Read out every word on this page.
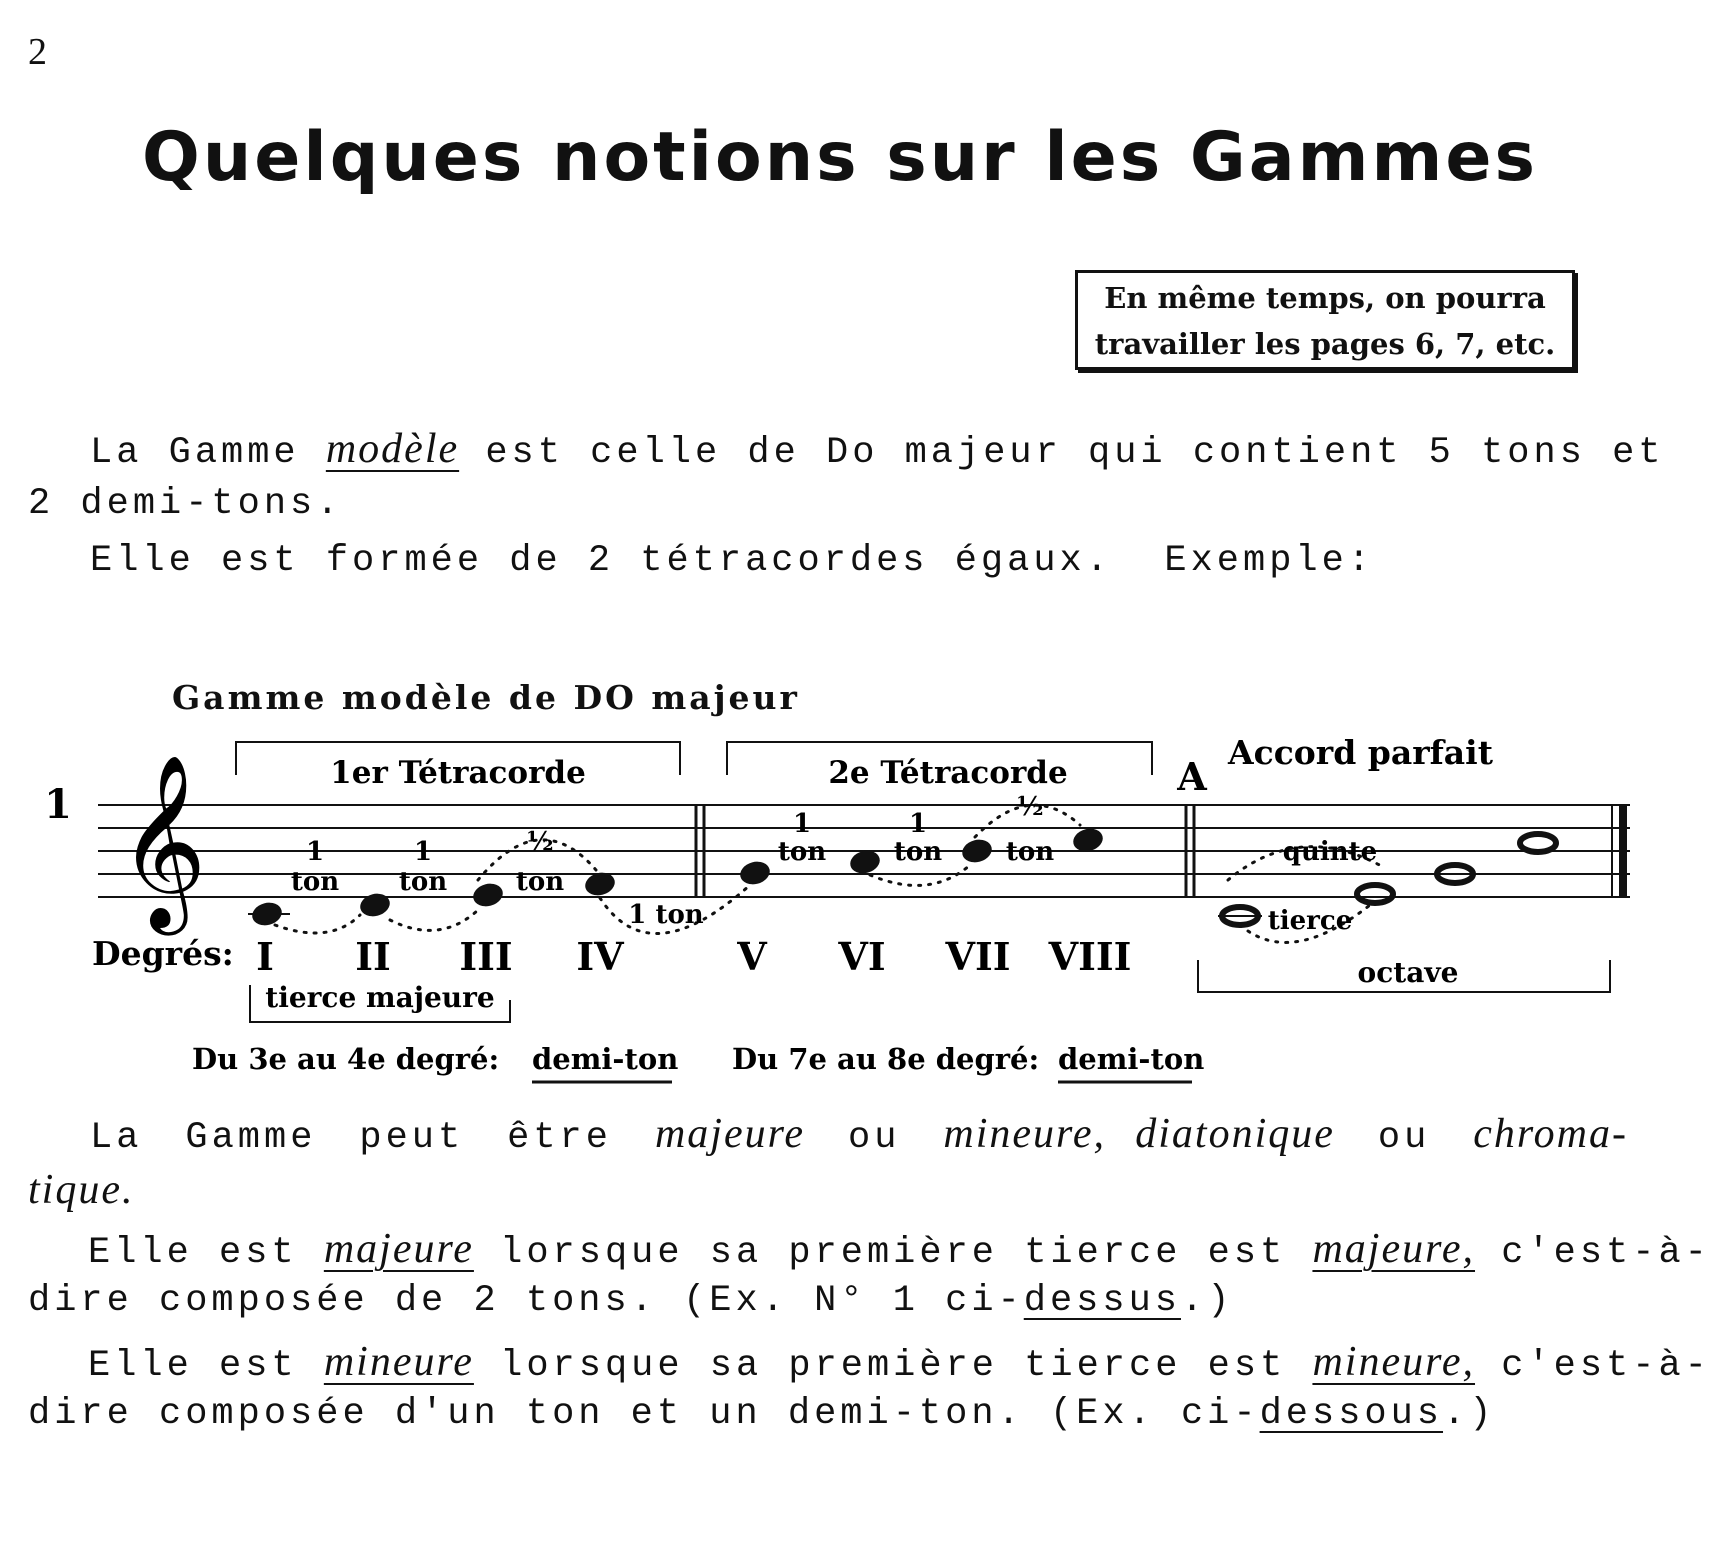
2
Quelques notions sur les Gammes
En même temps, on pourra
travailler les pages 6, 7, etc.
La Gamme modèle est celle de Do majeur qui contient 5 tons et
2 demi-tons.
Elle est formée de 2 tétracordes égaux. Exemple:
Gamme modèle de DO majeur
1er Tétracorde	2e Tétracorde	A
Accord parfait
1 𝄞	1
ton
1
ton
½
ton
1
ton
1
ton
½
ton
1 ton
quinte
tierce
Degrés: I II III IV	V VI VII VIII
tierce majeure
octave
Du 3e au 4e degré: demi-ton Du 7e au 8e degré: demi-ton
La Gamme peut être majeure ou mineure, diatonique ou chroma-
tique.
Elle est majeure lorsque sa première tierce est majeure, c'est-à-
dire composée de 2 tons. (Ex. N° 1 ci-dessus.)
Elle est mineure lorsque sa première tierce est mineure, c'est-à-
dire composée d'un ton et un demi-ton. (Ex. ci-dessous.)
